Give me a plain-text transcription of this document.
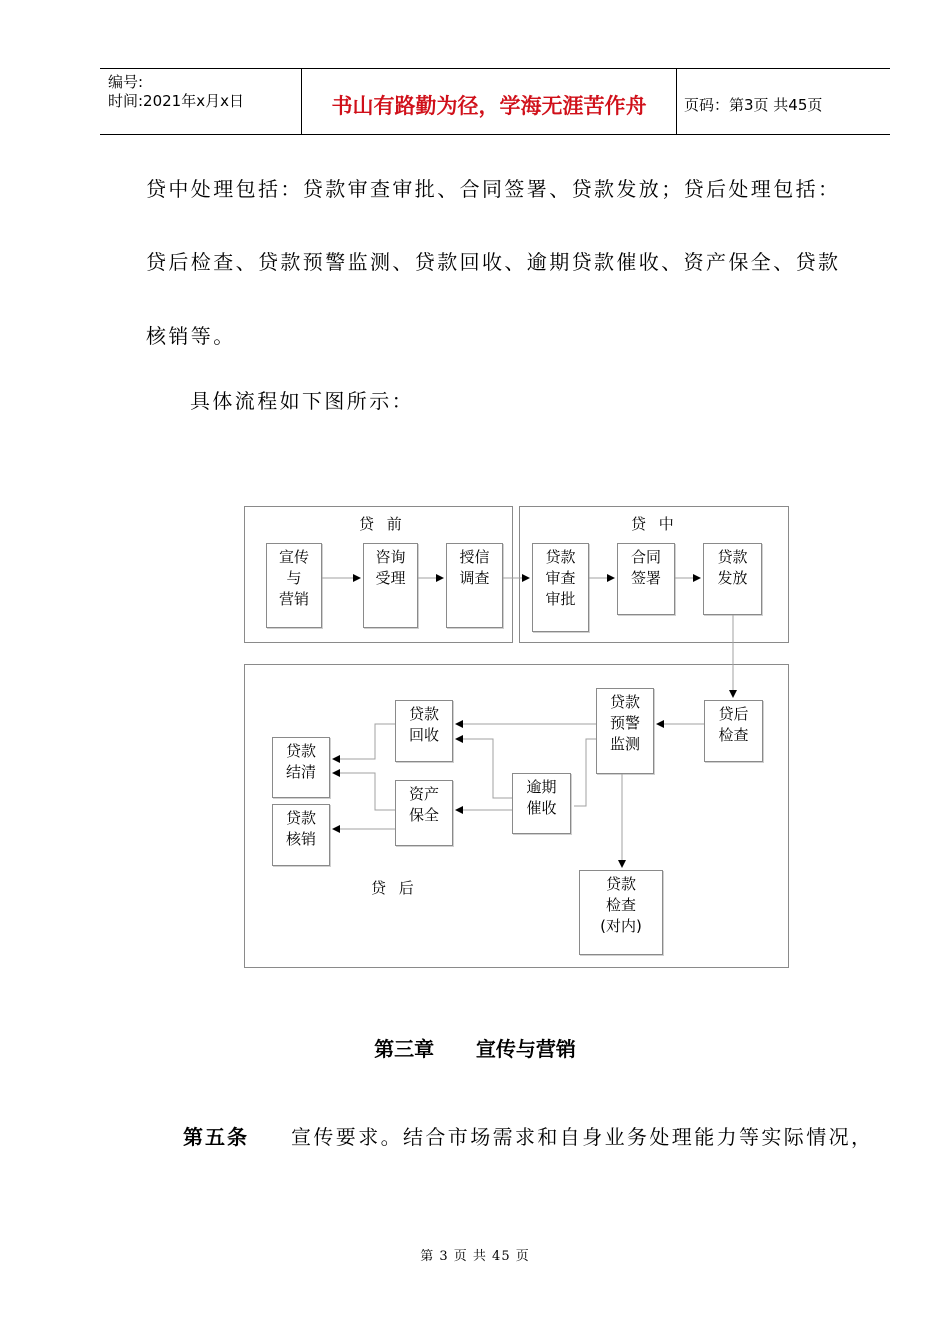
编号:
时间:2021年x月x日	书山有路勤为径，学海无涯苦作舟	页码：第3页 共45页
贷中处理包括：贷款审查审批、合同签署、贷款发放；贷后处理包括：
贷后检查、贷款预警监测、贷款回收、逾期贷款催收、资产保全、贷款
核销等。
具体流程如下图所示：
贷 前	贷 中
贷 后
宣传
与
营销
咨询
受理
授信
调查
贷款
审查
审批
合同
签署
贷款
发放
贷后
检查
贷款
预警
监测
贷款
回收
贷款
结清
逾期
催收
资产
保全
贷款
核销
贷款
检查
(对内)
第三章      宣传与营销
第五条 宣传要求。结合市场需求和自身业务处理能力等实际情况，
第 3 页 共 45 页
